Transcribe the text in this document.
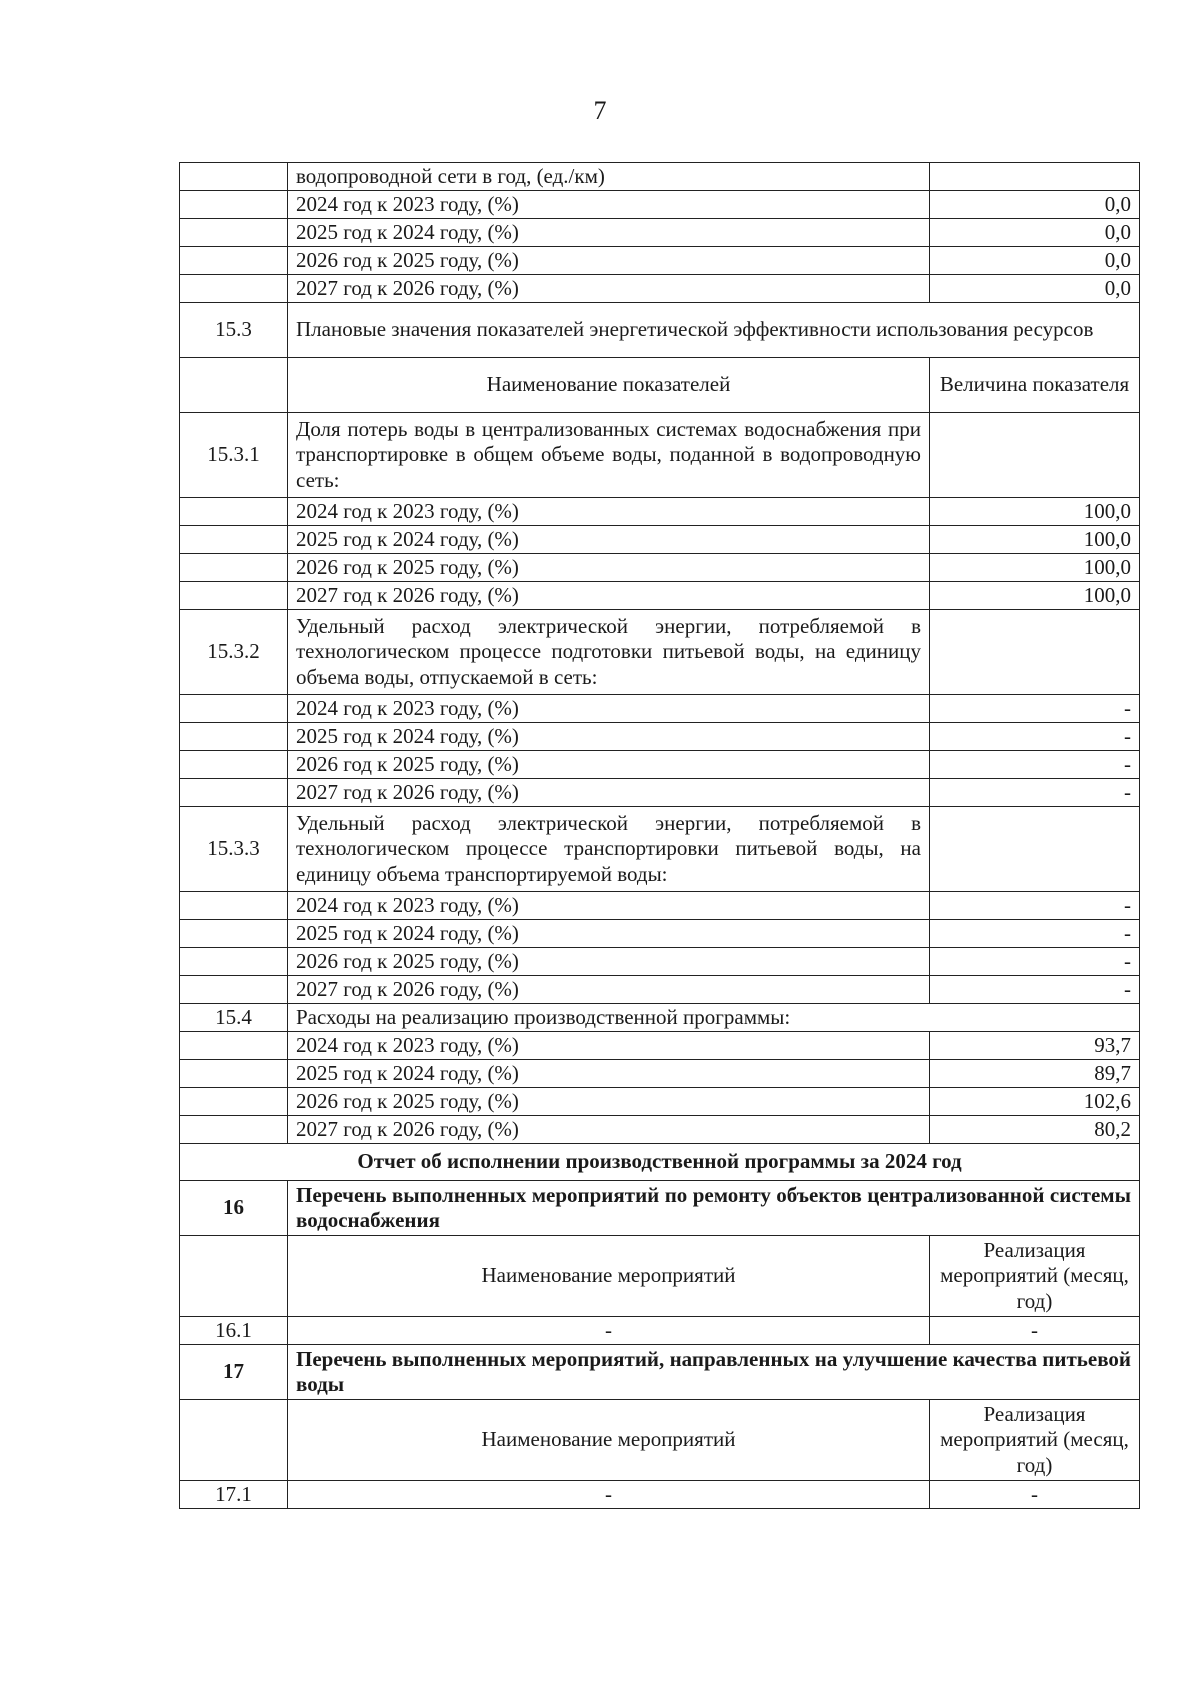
7
	водопроводной сети в год, (ед./км)	
	2024 год к 2023 году, (%)	0,0
	2025 год к 2024 году, (%)	0,0
	2026 год к 2025 году, (%)	0,0
	2027 год к 2026 году, (%)	0,0
15.3	Плановые значения показателей энергетической эффективности использования ресурсов	
	Наименование показателей	Величина показателя
15.3.1	Доля потерь воды в централизованных системах водоснабжения при транспортировке в общем объеме воды, поданной в водопроводную сеть:	
	2024 год к 2023 году, (%)	100,0
	2025 год к 2024 году, (%)	100,0
	2026 год к 2025 году, (%)	100,0
	2027 год к 2026 году, (%)	100,0
15.3.2	Удельный расход электрической энергии, потребляемой в технологическом процессе подготовки питьевой воды, на единицу объема воды, отпускаемой в сеть:	
	2024 год к 2023 году, (%)	-
	2025 год к 2024 году, (%)	-
	2026 год к 2025 году, (%)	-
	2027 год к 2026 году, (%)	-
15.3.3	Удельный расход электрической энергии, потребляемой в технологическом процессе транспортировки питьевой воды, на единицу объема транспортируемой воды:	
	2024 год к 2023 году, (%)	-
	2025 год к 2024 году, (%)	-
	2026 год к 2025 году, (%)	-
	2027 год к 2026 году, (%)	-
15.4	Расходы на реализацию производственной программы:	
	2024 год к 2023 году, (%)	93,7
	2025 год к 2024 году, (%)	89,7
	2026 год к 2025 году, (%)	102,6
	2027 год к 2026 году, (%)	80,2
Отчет об исполнении производственной программы за 2024 год		
16	Перечень выполненных мероприятий по ремонту объектов централизованной системы водоснабжения	
	Наименование мероприятий	Реализация мероприятий (месяц, год)
16.1	-	-
17	Перечень выполненных мероприятий, направленных на улучшение качества питьевой воды	
	Наименование мероприятий	Реализация мероприятий (месяц, год)
17.1	-	-
